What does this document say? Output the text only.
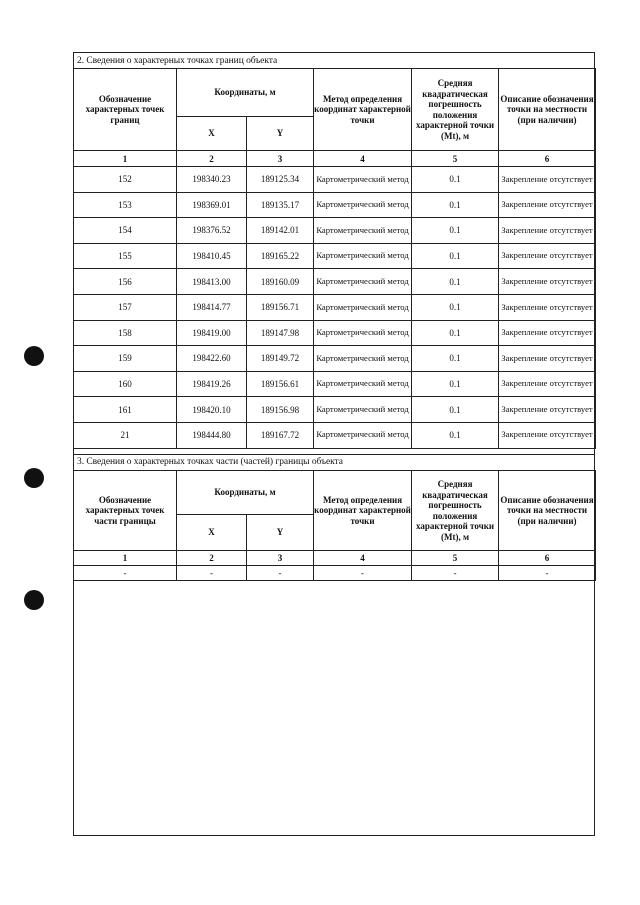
2. Сведения о характерных точках границ объекта
Обозначение характерных точек границ	Координаты, м		Метод определения координат характерной точки	Средняя квадратическая погрешность положения характерной точки (Mt), м	Описание обозначения точки на местности (при наличии)
	X	Y			
1	2	3	4	5	6
152	198340.23	189125.34	Картометрический метод	0.1	Закрепление отсутствует
153	198369.01	189135.17	Картометрический метод	0.1	Закрепление отсутствует
154	198376.52	189142.01	Картометрический метод	0.1	Закрепление отсутствует
155	198410.45	189165.22	Картометрический метод	0.1	Закрепление отсутствует
156	198413.00	189160.09	Картометрический метод	0.1	Закрепление отсутствует
157	198414.77	189156.71	Картометрический метод	0.1	Закрепление отсутствует
158	198419.00	189147.98	Картометрический метод	0.1	Закрепление отсутствует
159	198422.60	189149.72	Картометрический метод	0.1	Закрепление отсутствует
160	198419.26	189156.61	Картометрический метод	0.1	Закрепление отсутствует
161	198420.10	189156.98	Картометрический метод	0.1	Закрепление отсутствует
21	198444.80	189167.72	Картометрический метод	0.1	Закрепление отсутствует
3. Сведения о характерных точках части (частей) границы объекта
Обозначение характерных точек части границы	Координаты, м		Метод определения координат характерной точки	Средняя квадратическая погрешность положения характерной точки (Mt), м	Описание обозначения точки на местности (при наличии)
	X	Y			
1	2	3	4	5	6
-	-	-	-	-	-
